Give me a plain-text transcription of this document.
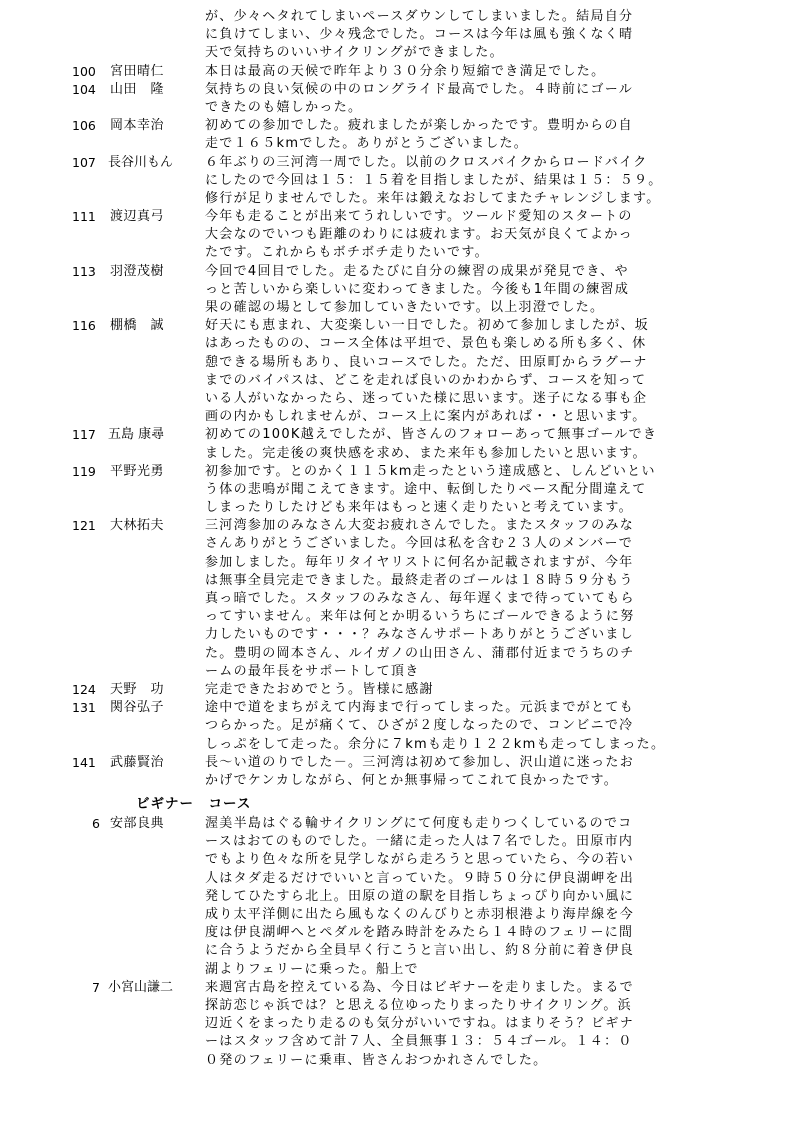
が、少々ヘタれてしまいペースダウンしてしまいました。結局自分
に負けてしまい、少々残念でした。コースは今年は風も強くなく晴
天で気持ちのいいサイクリングができました。
100	宮田晴仁	本日は最高の天候で昨年より３０分余り短縮でき満足でした。
104	山田　隆	気持ちの良い気候の中のロングライド最高でした。４時前にゴール
できたのも嬉しかった。
106	岡本幸治	初めての参加でした。疲れましたが楽しかったです。豊明からの自
走で１６５kmでした。ありがとうございました。
107 長谷川もん	６年ぶりの三河湾一周でした。以前のクロスバイクからロードバイク
にしたので今回は１５：１５着を目指しましたが、結果は１５：５９。
修行が足りませんでした。来年は鍛えなおしてまたチャレンジします。
111	渡辺真弓	今年も走ることが出来てうれしいです。ツールド愛知のスタートの
大会なのでいつも距離のわりには疲れます。お天気が良くてよかっ
たです。これからもボチボチ走りたいです。
113	羽澄茂樹	今回で4回目でした。走るたびに自分の練習の成果が発見でき、や
っと苦しいから楽しいに変わってきました。今後も1年間の練習成
果の確認の場として参加していきたいです。以上羽澄でした。
116	棚橋　誠	好天にも恵まれ、大変楽しい一日でした。初めて参加しましたが、坂
はあったものの、コース全体は平坦で、景色も楽しめる所も多く、休
憩できる場所もあり、良いコースでした。ただ、田原町からラグーナ
までのバイパスは、どこを走れば良いのかわからず、コースを知って
いる人がいなかったら、迷っていた様に思います。迷子になる事も企
画の内かもしれませんが、コース上に案内があれば・・と思います。
117 五島 康尋	初めての100K越えでしたが、皆さんのフォローあって無事ゴールでき
ました。完走後の爽快感を求め、また来年も参加したいと思います。
119	平野光勇	初参加です。とのかく１１５km走ったという達成感と、しんどいとい
う体の悲鳴が聞こえてきます。途中、転倒したりペース配分間違えて
しまったりしたけども来年はもっと速く走りたいと考えています。
121	大林拓夫	三河湾参加のみなさん大変お疲れさんでした。またスタッフのみな
さんありがとうございました。今回は私を含む２３人のメンバーで
参加しました。毎年リタイヤリストに何名か記載されますが、今年
は無事全員完走できました。最終走者のゴールは１８時５９分もう
真っ暗でした。スタッフのみなさん、毎年遅くまで待っていてもら
ってすいません。来年は何とか明るいうちにゴールできるように努
力したいものです・・・？みなさんサポートありがとうございまし
た。豊明の岡本さん、ルイガノの山田さん、蒲郡付近までうちのチ
ームの最年長をサポートして頂き
124	天野　功	完走できたおめでとう。皆様に感謝
131	関谷弘子	途中で道をまちがえて内海まで行ってしまった。元浜までがとても
つらかった。足が痛くて、ひざが２度しなったので、コンビニで冷
しっぷをして走った。余分に７kmも走り１２２kmも走ってしまった。
141	武藤賢治	長～い道のりでした－。三河湾は初めて参加し、沢山道に迷ったお
かげでケンカしながら、何とか無事帰ってこれて良かったです。
ビギナー　コース
6 安部良典	渥美半島はぐる輪サイクリングにて何度も走りつくしているのでコ
ースはおてのものでした。一緒に走った人は７名でした。田原市内
でもより色々な所を見学しながら走ろうと思っていたら、今の若い
人はタダ走るだけでいいと言っていた。９時５０分に伊良湖岬を出
発してひたすら北上。田原の道の駅を目指しちょっぴり向かい風に
成り太平洋側に出たら風もなくのんびりと赤羽根港より海岸線を今
度は伊良湖岬へとペダルを踏み時計をみたら１４時のフェリーに間
に合うようだから全員早く行こうと言い出し、約８分前に着き伊良
湖よりフェリーに乗った。船上で
7 小宮山謙二	来週宮古島を控えている為、今日はビギナーを走りました。まるで
探訪恋じゃ浜では？と思える位ゆったりまったりサイクリング。浜
辺近くをまったり走るのも気分がいいですね。はまりそう？ビギナ
ーはスタッフ含めて計７人、全員無事１３：５４ゴール。１４：０
０発のフェリーに乗車、皆さんおつかれさんでした。
